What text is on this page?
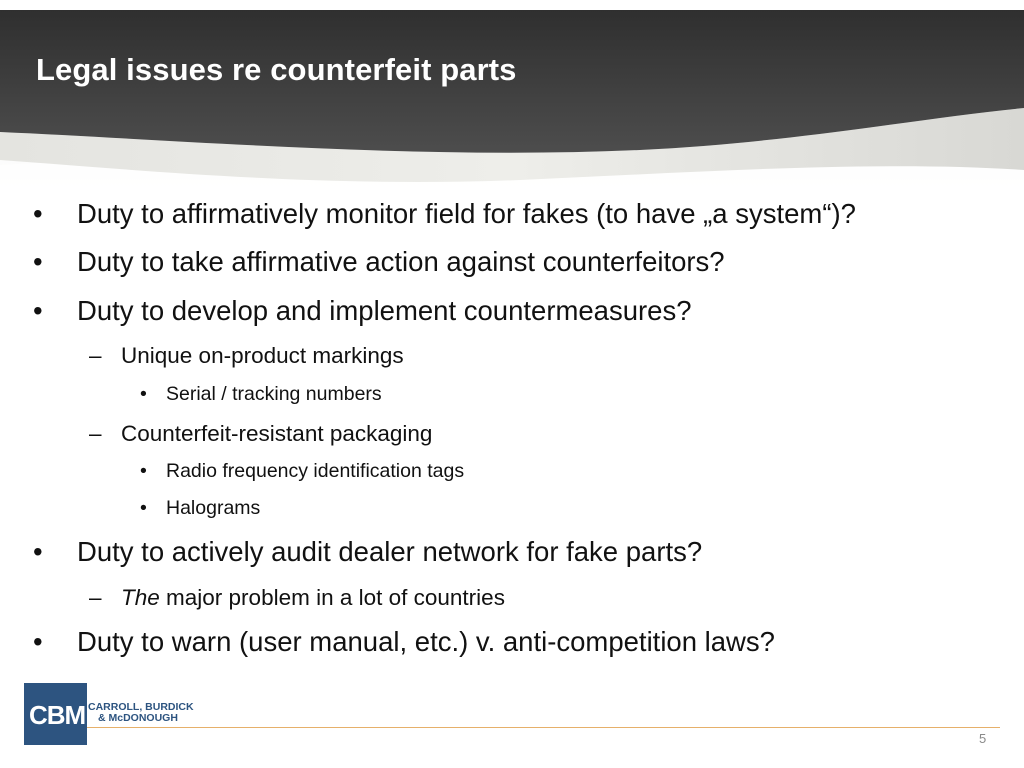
Legal issues re counterfeit parts
• Duty to affirmatively monitor field for fakes (to have „a system“)?
• Duty to take affirmative action against counterfeitors?
• Duty to develop and implement countermeasures?
– Unique on-product markings
• Serial / tracking numbers
– Counterfeit-resistant packaging
• Radio frequency identification tags
• Halograms
• Duty to actively audit dealer network for fake parts?
– The major problem in a lot of countries
• Duty to warn (user manual, etc.) v. anti-competition laws?
CBM CARROLL, BURDICK
& McDONOUGH
5
